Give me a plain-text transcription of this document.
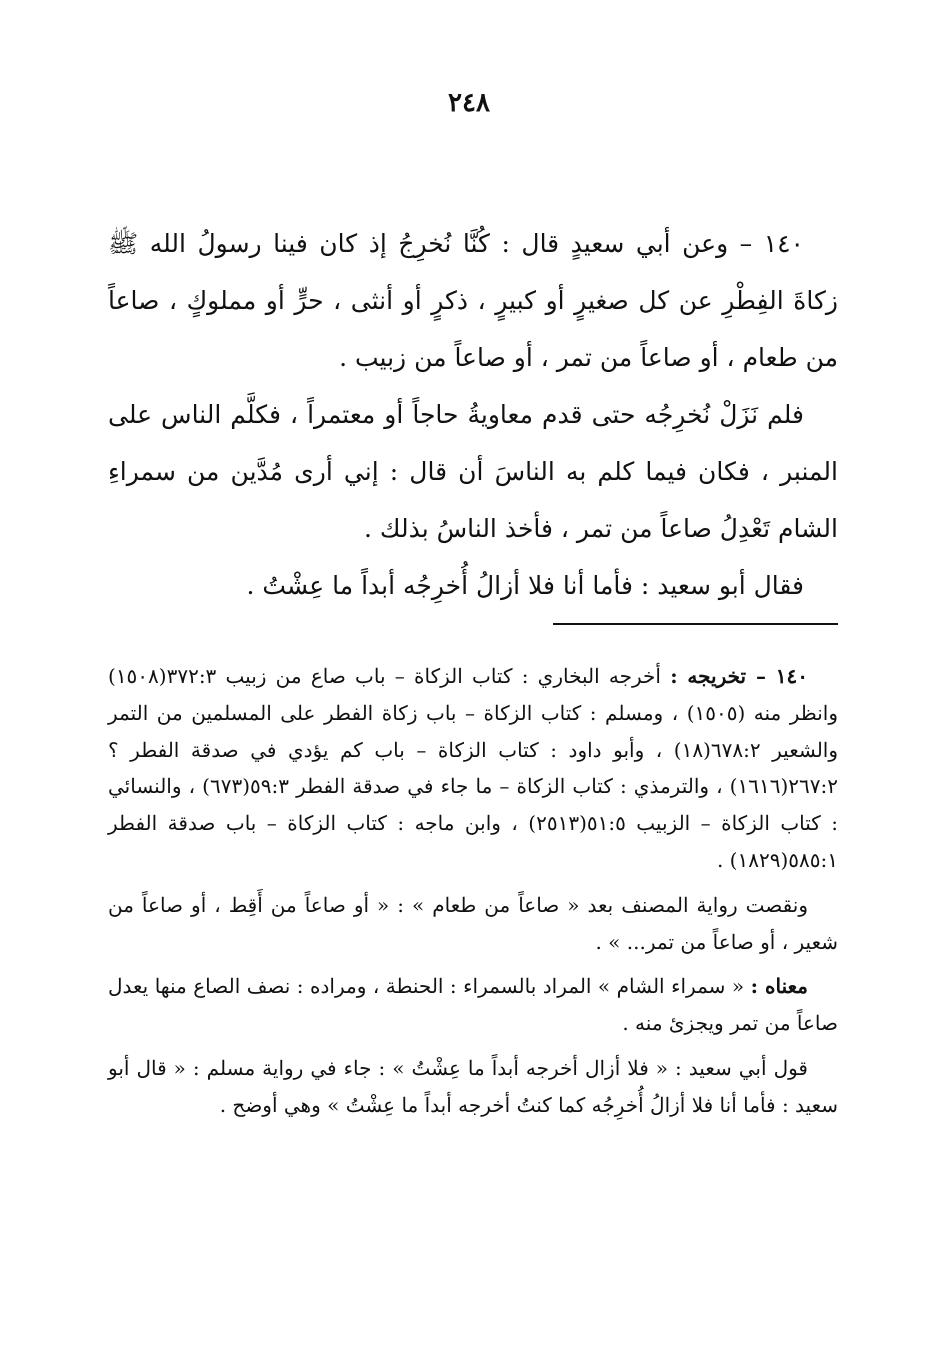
٢٤٨

١٤٠ – وعن أبي سعيدٍ قال : كُنَّا نُخرِجُ إذ كان فينا رسولُ الله ﷺ زكاةَ الفِطْرِ عن كل صغيرٍ أو كبيرٍ ، ذكرٍ أو أنثى ، حرٍّ أو مملوكٍ ، صاعاً من طعام ، أو صاعاً من تمر ، أو صاعاً من زبيب .

فلم نَزَلْ نُخرِجُه حتى قدم معاويةُ حاجاً أو معتمراً ، فكلَّم الناس على المنبر ، فكان فيما كلم به الناسَ أن قال : إني أرى مُدَّين من سمراءِ الشام تَعْدِلُ صاعاً من تمر ، فأخذ الناسُ بذلك .

فقال أبو سعيد : فأما أنا فلا أزالُ أُخرِجُه أبداً ما عِشْتُ .

١٤٠ – تخريجه : أخرجه البخاري : كتاب الزكاة – باب صاع من زبيب ٣٧٢:٣(١٥٠٨) وانظر منه (١٥٠٥) ، ومسلم : كتاب الزكاة – باب زكاة الفطر على المسلمين من التمر والشعير ٦٧٨:٢(١٨) ، وأبو داود : كتاب الزكاة – باب كم يؤدي في صدقة الفطر ؟ ٢٦٧:٢(١٦١٦) ، والترمذي : كتاب الزكاة – ما جاء في صدقة الفطر ٥٩:٣(٦٧٣) ، والنسائي : كتاب الزكاة – الزبيب ٥١:٥(٢٥١٣) ، وابن ماجه : كتاب الزكاة – باب صدقة الفطر ٥٨٥:١(١٨٢٩) .

ونقصت رواية المصنف بعد « صاعاً من طعام » : « أو صاعاً من أَقِط ، أو صاعاً من شعير ، أو صاعاً من تمر... » .

معناه : « سمراء الشام » المراد بالسمراء : الحنطة ، ومراده : نصف الصاع منها يعدل صاعاً من تمر ويجزئ منه .

قول أبي سعيد : « فلا أزال أخرجه أبداً ما عِشْتُ » : جاء في رواية مسلم : « قال أبو سعيد : فأما أنا فلا أزالُ أُخرِجُه كما كنتُ أخرجه أبداً ما عِشْتُ » وهي أوضح .
